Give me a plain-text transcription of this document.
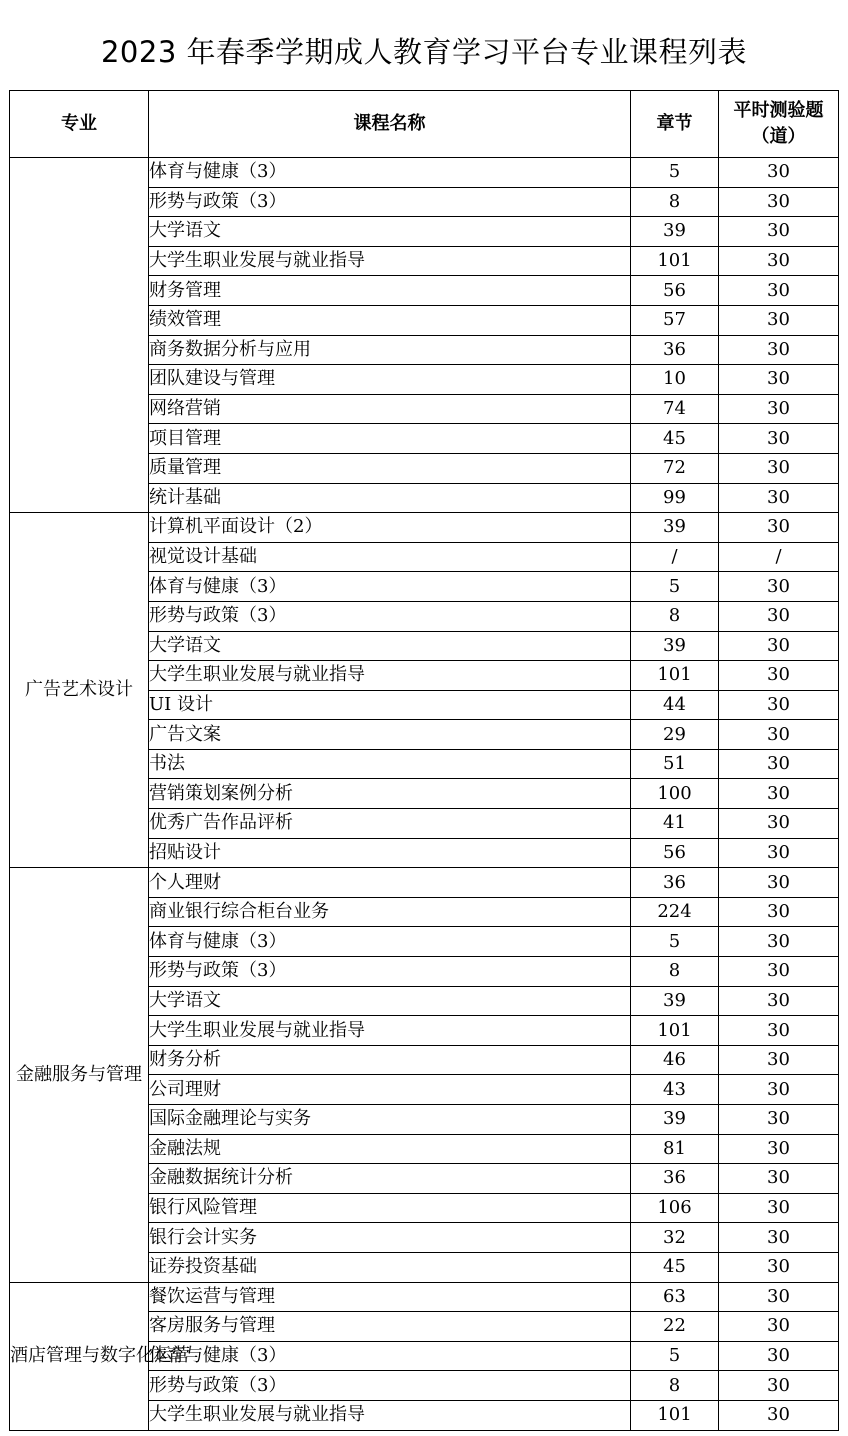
2023 年春季学期成人教育学习平台专业课程列表
专业	课程名称	章节	平时测验题（道）
	体育与健康（3）	5	30
	形势与政策（3）	8	30
	大学语文	39	30
	大学生职业发展与就业指导	101	30
	财务管理	56	30
	绩效管理	57	30
	商务数据分析与应用	36	30
	团队建设与管理	10	30
	网络营销	74	30
	项目管理	45	30
	质量管理	72	30
	统计基础	99	30
广告艺术设计	计算机平面设计（2）	39	30
	视觉设计基础	/	/
	体育与健康（3）	5	30
	形势与政策（3）	8	30
	大学语文	39	30
	大学生职业发展与就业指导	101	30
	UI 设计	44	30
	广告文案	29	30
	书法	51	30
	营销策划案例分析	100	30
	优秀广告作品评析	41	30
	招贴设计	56	30
金融服务与管理	个人理财	36	30
	商业银行综合柜台业务	224	30
	体育与健康（3）	5	30
	形势与政策（3）	8	30
	大学语文	39	30
	大学生职业发展与就业指导	101	30
	财务分析	46	30
	公司理财	43	30
	国际金融理论与实务	39	30
	金融法规	81	30
	金融数据统计分析	36	30
	银行风险管理	106	30
	银行会计实务	32	30
	证券投资基础	45	30
酒店管理与数字化运营	餐饮运营与管理	63	30
	客房服务与管理	22	30
	体育与健康（3）	5	30
	形势与政策（3）	8	30
	大学生职业发展与就业指导	101	30
